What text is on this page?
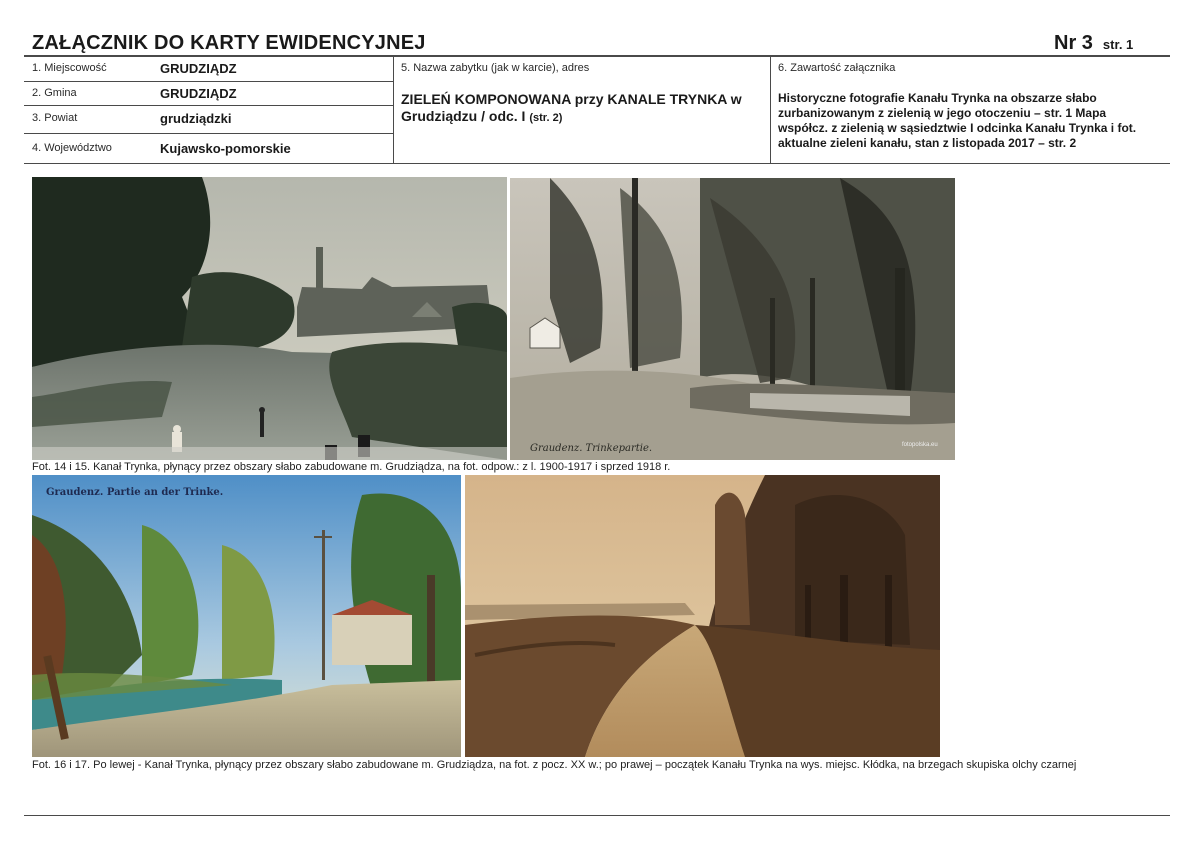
ZAŁĄCZNIK DO KARTY EWIDENCYJNEJ	Nr 3 str. 1
1. Miejscowość	GRUDZIĄDZ
2. Gmina	GRUDZIĄDZ
3. Powiat	grudziądzki
4. Województwo	Kujawsko-pomorskie
5. Nazwa zabytku (jak w karcie), adres
ZIELEŃ KOMPONOWANA przy KANALE TRYNKA w Grudziądzu / odc. I (str. 2)
6. Zawartość załącznika
Historyczne fotografie Kanału Trynka na obszarze słabo zurbanizowanym z zielenią w jego otoczeniu – str. 1 Mapa współcz. z zielenią w sąsiedztwie I odcinka Kanału Trynka i fot. aktualne zieleni kanału, stan z listopada 2017 – str. 2
Graudenz. Trinkepartie.	fotopolska.eu
Fot. 14 i 15. Kanał Trynka, płynący przez obszary słabo zabudowane m. Grudziądza, na fot. odpow.: z l. 1900-1917 i sprzed 1918 r.
Graudenz. Partie an der Trinke.
Fot. 16 i 17. Po lewej - Kanał Trynka, płynący przez obszary słabo zabudowane m. Grudziądza, na fot. z pocz. XX w.; po prawej – początek Kanału Trynka na wys. miejsc. Kłódka, na brzegach skupiska olchy czarnej
